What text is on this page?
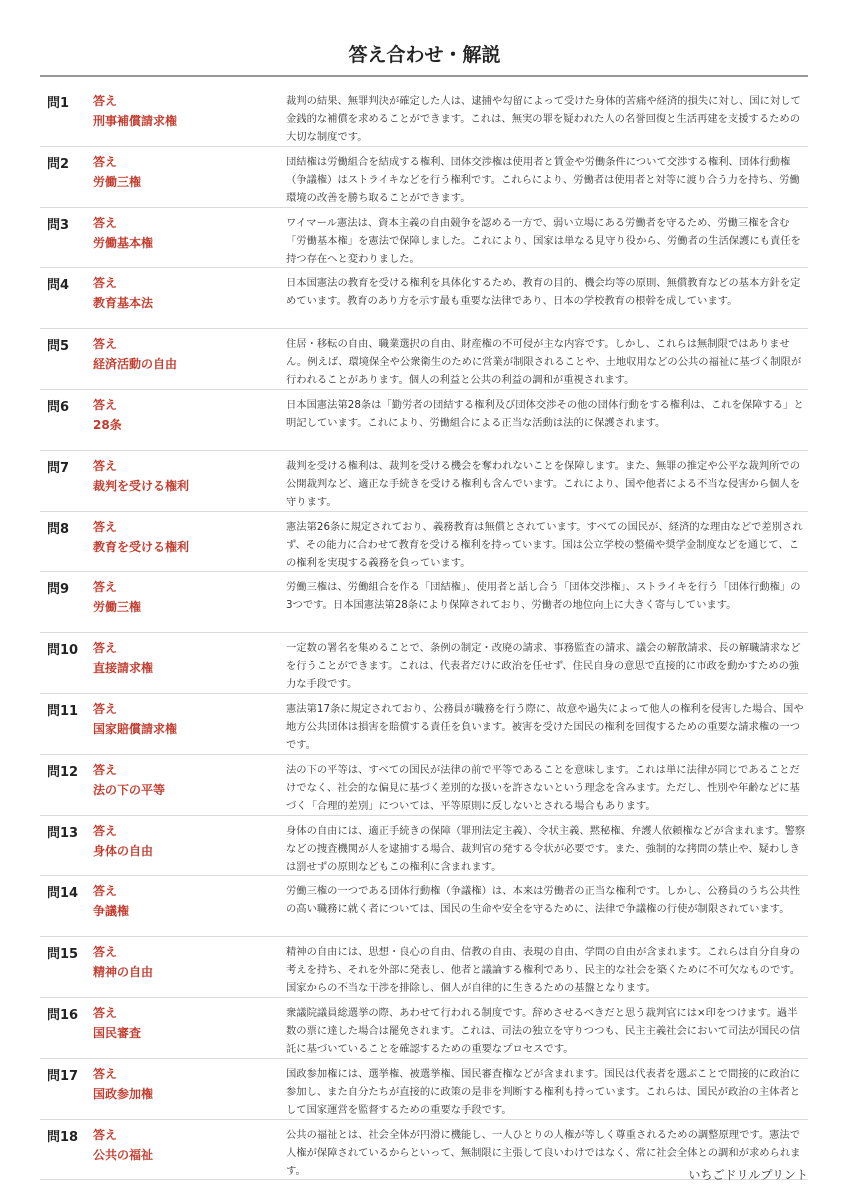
答え合わせ・解説
問1 答え
刑事補償請求権
裁判の結果、無罪判決が確定した人は、逮捕や勾留によって受けた身体的苦痛や経済的損失に対し、国に対して金銭的な補償を求めることができます。これは、無実の罪を疑われた人の名誉回復と生活再建を支援するための大切な制度です。
問2 答え
労働三権
団結権は労働組合を結成する権利、団体交渉権は使用者と賃金や労働条件について交渉する権利、団体行動権（争議権）はストライキなどを行う権利です。これらにより、労働者は使用者と対等に渡り合う力を持ち、労働環境の改善を勝ち取ることができます。
問3 答え
労働基本権
ワイマール憲法は、資本主義の自由競争を認める一方で、弱い立場にある労働者を守るため、労働三権を含む「労働基本権」を憲法で保障しました。これにより、国家は単なる見守り役から、労働者の生活保護にも責任を持つ存在へと変わりました。
問4 答え
教育基本法
日本国憲法の教育を受ける権利を具体化するため、教育の目的、機会均等の原則、無償教育などの基本方針を定めています。教育のあり方を示す最も重要な法律であり、日本の学校教育の根幹を成しています。
問5 答え
経済活動の自由
住居・移転の自由、職業選択の自由、財産権の不可侵が主な内容です。しかし、これらは無制限ではありません。例えば、環境保全や公衆衛生のために営業が制限されることや、土地収用などの公共の福祉に基づく制限が行われることがあります。個人の利益と公共の利益の調和が重視されます。
問6 答え
28条
日本国憲法第28条は「勤労者の団結する権利及び団体交渉その他の団体行動をする権利は、これを保障する」と明記しています。これにより、労働組合による正当な活動は法的に保護されます。
問7 答え
裁判を受ける権利
裁判を受ける権利は、裁判を受ける機会を奪われないことを保障します。また、無罪の推定や公平な裁判所での公開裁判など、適正な手続きを受ける権利も含んでいます。これにより、国や他者による不当な侵害から個人を守ります。
問8 答え
教育を受ける権利
憲法第26条に規定されており、義務教育は無償とされています。すべての国民が、経済的な理由などで差別されず、その能力に合わせて教育を受ける権利を持っています。国は公立学校の整備や奨学金制度などを通じて、この権利を実現する義務を負っています。
問9 答え
労働三権
労働三権は、労働組合を作る「団結権」、使用者と話し合う「団体交渉権」、ストライキを行う「団体行動権」の3つです。日本国憲法第28条により保障されており、労働者の地位向上に大きく寄与しています。
問10 答え
直接請求権
一定数の署名を集めることで、条例の制定・改廃の請求、事務監査の請求、議会の解散請求、長の解職請求などを行うことができます。これは、代表者だけに政治を任せず、住民自身の意思で直接的に市政を動かすための強力な手段です。
問11 答え
国家賠償請求権
憲法第17条に規定されており、公務員が職務を行う際に、故意や過失によって他人の権利を侵害した場合、国や地方公共団体は損害を賠償する責任を負います。被害を受けた国民の権利を回復するための重要な請求権の一つです。
問12 答え
法の下の平等
法の下の平等は、すべての国民が法律の前で平等であることを意味します。これは単に法律が同じであることだけでなく、社会的な偏見に基づく差別的な扱いを許さないという理念を含みます。ただし、性別や年齢などに基づく「合理的差別」については、平等原則に反しないとされる場合もあります。
問13 答え
身体の自由
身体の自由には、適正手続きの保障（罪刑法定主義）、令状主義、黙秘権、弁護人依頼権などが含まれます。警察などの捜査機関が人を逮捕する場合、裁判官の発する令状が必要です。また、強制的な拷問の禁止や、疑わしきは罰せずの原則などもこの権利に含まれます。
問14 答え
争議権
労働三権の一つである団体行動権（争議権）は、本来は労働者の正当な権利です。しかし、公務員のうち公共性の高い職務に就く者については、国民の生命や安全を守るために、法律で争議権の行使が制限されています。
問15 答え
精神の自由
精神の自由には、思想・良心の自由、信教の自由、表現の自由、学問の自由が含まれます。これらは自分自身の考えを持ち、それを外部に発表し、他者と議論する権利であり、民主的な社会を築くために不可欠なものです。国家からの不当な干渉を排除し、個人が自律的に生きるための基盤となります。
問16 答え
国民審査
衆議院議員総選挙の際、あわせて行われる制度です。辞めさせるべきだと思う裁判官には×印をつけます。過半数の票に達した場合は罷免されます。これは、司法の独立を守りつつも、民主主義社会において司法が国民の信託に基づいていることを確認するための重要なプロセスです。
問17 答え
国政参加権
国政参加権には、選挙権、被選挙権、国民審査権などが含まれます。国民は代表者を選ぶことで間接的に政治に参加し、また自分たちが直接的に政策の是非を判断する権利も持っています。これらは、国民が政治の主体者として国家運営を監督するための重要な手段です。
問18 答え
公共の福祉
公共の福祉とは、社会全体が円滑に機能し、一人ひとりの人権が等しく尊重されるための調整原理です。憲法で人権が保障されているからといって、無制限に主張して良いわけではなく、常に社会全体との調和が求められます。	いちごドリルプリント
